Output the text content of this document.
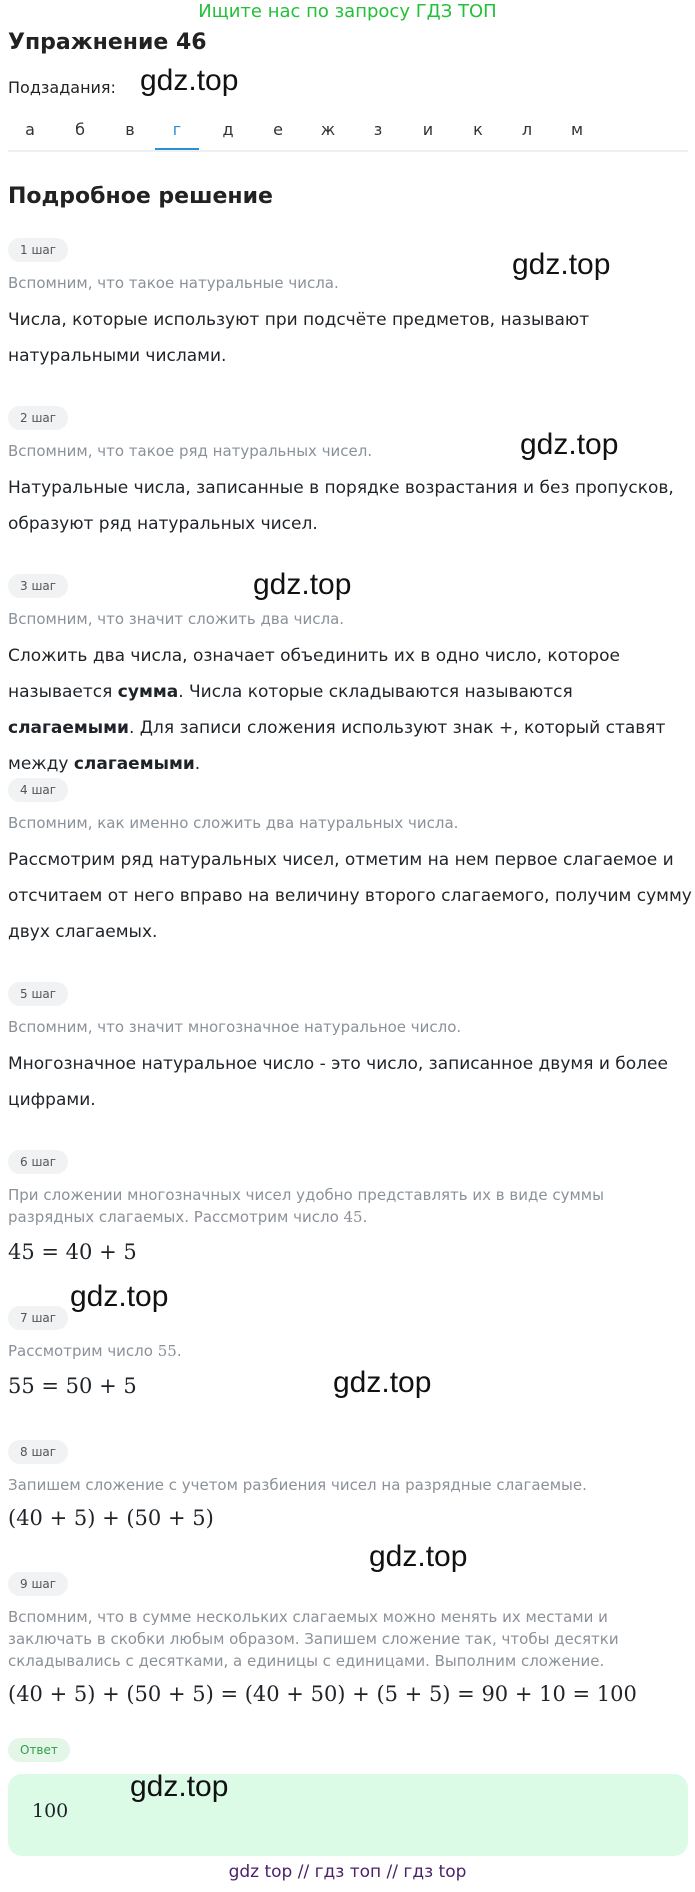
Ищите нас по запросу ГДЗ ТОП
Упражнение 46
Подзадания: gdz.top
а	б	в	г	д	е	ж	з	и	к	л	м
Подробное решение
1 шаг	gdz.top
Вспомним, что такое натуральные числа.
Числа, которые используют при подсчёте предметов, называют натуральными числами.
2 шаг
gdz.top
Вспомним, что такое ряд натуральных чисел.
Натуральные числа, записанные в порядке возрастания и без пропусков, образуют ряд натуральных чисел.
3 шаг	gdz.top
Вспомним, что значит сложить два числа.
Сложить два числа, означает объединить их в одно число, которое называется сумма. Числа которые складываются называются слагаемыми. Для записи сложения используют знак +, который ставят между слагаемыми.
4 шаг
Вспомним, как именно сложить два натуральных числа.
Рассмотрим ряд натуральных чисел, отметим на нем первое слагаемое и отсчитаем от него вправо на величину второго слагаемого, получим сумму двух слагаемых.
5 шаг
Вспомним, что значит многозначное натуральное число.
Многозначное натуральное число - это число, записанное двумя и более цифрами.
6 шаг
При сложении многозначных чисел удобно представлять их в виде суммы разрядных слагаемых. Рассмотрим число 45.
45 = 40 + 5
7 шаг
gdz.top
Рассмотрим число 55.
gdz.top
55 = 50 + 5
8 шаг
Запишем сложение с учетом разбиения чисел на разрядные слагаемые.
(40 + 5) + (50 + 5)
gdz.top
9 шаг
Вспомним, что в сумме нескольких слагаемых можно менять их местами и заключать в скобки любым образом. Запишем сложение так, чтобы десятки складывались с десятками, а единицы с единицами. Выполним сложение.
(40 + 5) + (50 + 5) = (40 + 50) + (5 + 5) = 90 + 10 = 100
Ответ
100
gdz.top
gdz top // гдз топ // гдз top
